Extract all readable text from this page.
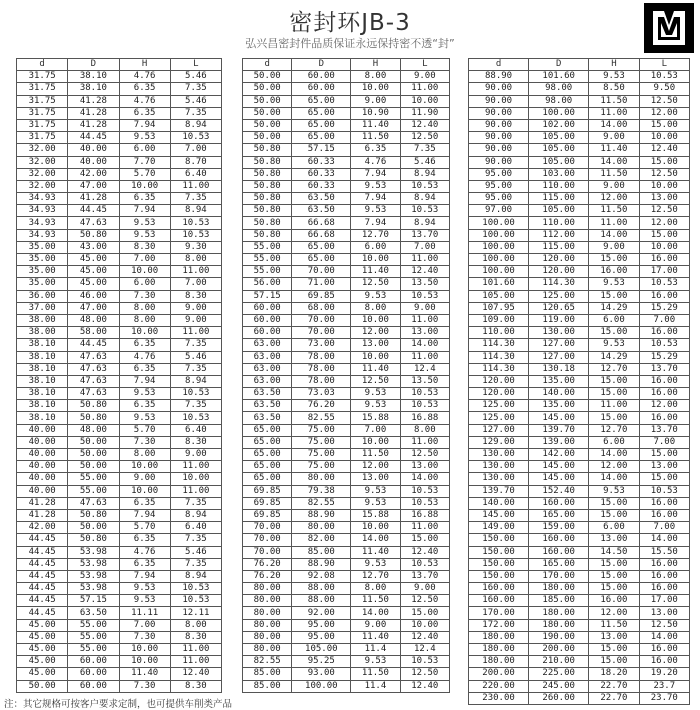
密封环JB-3
弘兴昌密封件品质保证永远保持密不透“封”
d	D	H	L
31.75	38.10	4.76	5.46
31.75	38.10	6.35	7.35
31.75	41.28	4.76	5.46
31.75	41.28	6.35	7.35
31.75	41.28	7.94	8.94
31.75	44.45	9.53	10.53
32.00	40.00	6.00	7.00
32.00	40.00	7.70	8.70
32.00	42.00	5.70	6.40
32.00	47.00	10.00	11.00
34.93	41.28	6.35	7.35
34.93	44.45	7.94	8.94
34.93	47.63	9.53	10.53
34.93	50.80	9.53	10.53
35.00	43.00	8.30	9.30
35.00	45.00	7.00	8.00
35.00	45.00	10.00	11.00
35.00	45.00	6.00	7.00
36.00	46.00	7.30	8.30
37.00	47.00	8.00	9.00
38.00	48.00	8.00	9.00
38.00	58.00	10.00	11.00
38.10	44.45	6.35	7.35
38.10	47.63	4.76	5.46
38.10	47.63	6.35	7.35
38.10	47.63	7.94	8.94
38.10	47.63	9.53	10.53
38.10	50.80	6.35	7.35
38.10	50.80	9.53	10.53
40.00	48.00	5.70	6.40
40.00	50.00	7.30	8.30
40.00	50.00	8.00	9.00
40.00	50.00	10.00	11.00
40.00	55.00	9.00	10.00
40.00	55.00	10.00	11.00
41.28	47.63	6.35	7.35
41.28	50.80	7.94	8.94
42.00	50.00	5.70	6.40
44.45	50.80	6.35	7.35
44.45	53.98	4.76	5.46
44.45	53.98	6.35	7.35
44.45	53.98	7.94	8.94
44.45	53.98	9.53	10.53
44.45	57.15	9.53	10.53
44.45	63.50	11.11	12.11
45.00	55.00	7.00	8.00
45.00	55.00	7.30	8.30
45.00	55.00	10.00	11.00
45.00	60.00	10.00	11.00
45.00	60.00	11.40	12.40
50.00	60.00	7.30	8.30
d	D	H	L
50.00	60.00	8.00	9.00
50.00	60.00	10.00	11.00
50.00	65.00	9.00	10.00
50.00	65.00	10.90	11.90
50.00	65.00	11.40	12.40
50.00	65.00	11.50	12.50
50.80	57.15	6.35	7.35
50.80	60.33	4.76	5.46
50.80	60.33	7.94	8.94
50.80	60.33	9.53	10.53
50.80	63.50	7.94	8.94
50.80	63.50	9.53	10.53
50.80	66.68	7.94	8.94
50.80	66.68	12.70	13.70
55.00	65.00	6.00	7.00
55.00	65.00	10.00	11.00
55.00	70.00	11.40	12.40
56.00	71.00	12.50	13.50
57.15	69.85	9.53	10.53
60.00	68.00	8.00	9.00
60.00	70.00	10.00	11.00
60.00	70.00	12.00	13.00
63.00	73.00	13.00	14.00
63.00	78.00	10.00	11.00
63.00	78.00	11.40	12.4
63.00	78.00	12.50	13.50
63.50	73.03	9.53	10.53
63.50	76.20	9.53	10.53
63.50	82.55	15.88	16.88
65.00	75.00	7.00	8.00
65.00	75.00	10.00	11.00
65.00	75.00	11.50	12.50
65.00	75.00	12.00	13.00
65.00	80.00	13.00	14.00
69.85	79.38	9.53	10.53
69.85	82.55	9.53	10.53
69.85	88.90	15.88	16.88
70.00	80.00	10.00	11.00
70.00	82.00	14.00	15.00
70.00	85.00	11.40	12.40
76.20	88.90	9.53	10.53
76.20	92.08	12.70	13.70
80.00	88.00	8.00	9.00
80.00	88.00	11.50	12.50
80.00	92.00	14.00	15.00
80.00	95.00	9.00	10.00
80.00	95.00	11.40	12.40
80.00	105.00	11.4	12.4
82.55	95.25	9.53	10.53
85.00	93.00	11.50	12.50
85.00	100.00	11.4	12.40
d	D	H	L
88.90	101.60	9.53	10.53
90.00	98.00	8.50	9.50
90.00	98.00	11.50	12.50
90.00	100.00	11.00	12.00
90.00	102.00	14.00	15.00
90.00	105.00	9.00	10.00
90.00	105.00	11.40	12.40
90.00	105.00	14.00	15.00
95.00	103.00	11.50	12.50
95.00	110.00	9.00	10.00
95.00	115.00	12.00	13.00
97.00	105.00	11.50	12.50
100.00	110.00	11.00	12.00
100.00	112.00	14.00	15.00
100.00	115.00	9.00	10.00
100.00	120.00	15.00	16.00
100.00	120.00	16.00	17.00
101.60	114.30	9.53	10.53
105.00	125.00	15.00	16.00
107.95	120.65	14.29	15.29
109.00	119.00	6.00	7.00
110.00	130.00	15.00	16.00
114.30	127.00	9.53	10.53
114.30	127.00	14.29	15.29
114.30	130.18	12.70	13.70
120.00	135.00	15.00	16.00
120.00	140.00	15.00	16.00
125.00	135.00	11.00	12.00
125.00	145.00	15.00	16.00
127.00	139.70	12.70	13.70
129.00	139.00	6.00	7.00
130.00	142.00	14.00	15.00
130.00	145.00	12.00	13.00
130.00	145.00	14.00	15.00
139.70	152.40	9.53	10.53
140.00	160.00	15.00	16.00
145.00	165.00	15.00	16.00
149.00	159.00	6.00	7.00
150.00	160.00	13.00	14.00
150.00	160.00	14.50	15.50
150.00	165.00	15.00	16.00
150.00	170.00	15.00	16.00
160.00	180.00	15.00	16.00
160.00	185.00	16.00	17.00
170.00	180.00	12.00	13.00
172.00	180.00	11.50	12.50
180.00	190.00	13.00	14.00
180.00	200.00	15.00	16.00
180.00	210.00	15.00	16.00
200.00	225.00	18.20	19.20
220.00	245.00	22.70	23.7
230.00	260.00	22.70	23.70
注：其它规格可按客户要求定制，也可提供车削类产品
